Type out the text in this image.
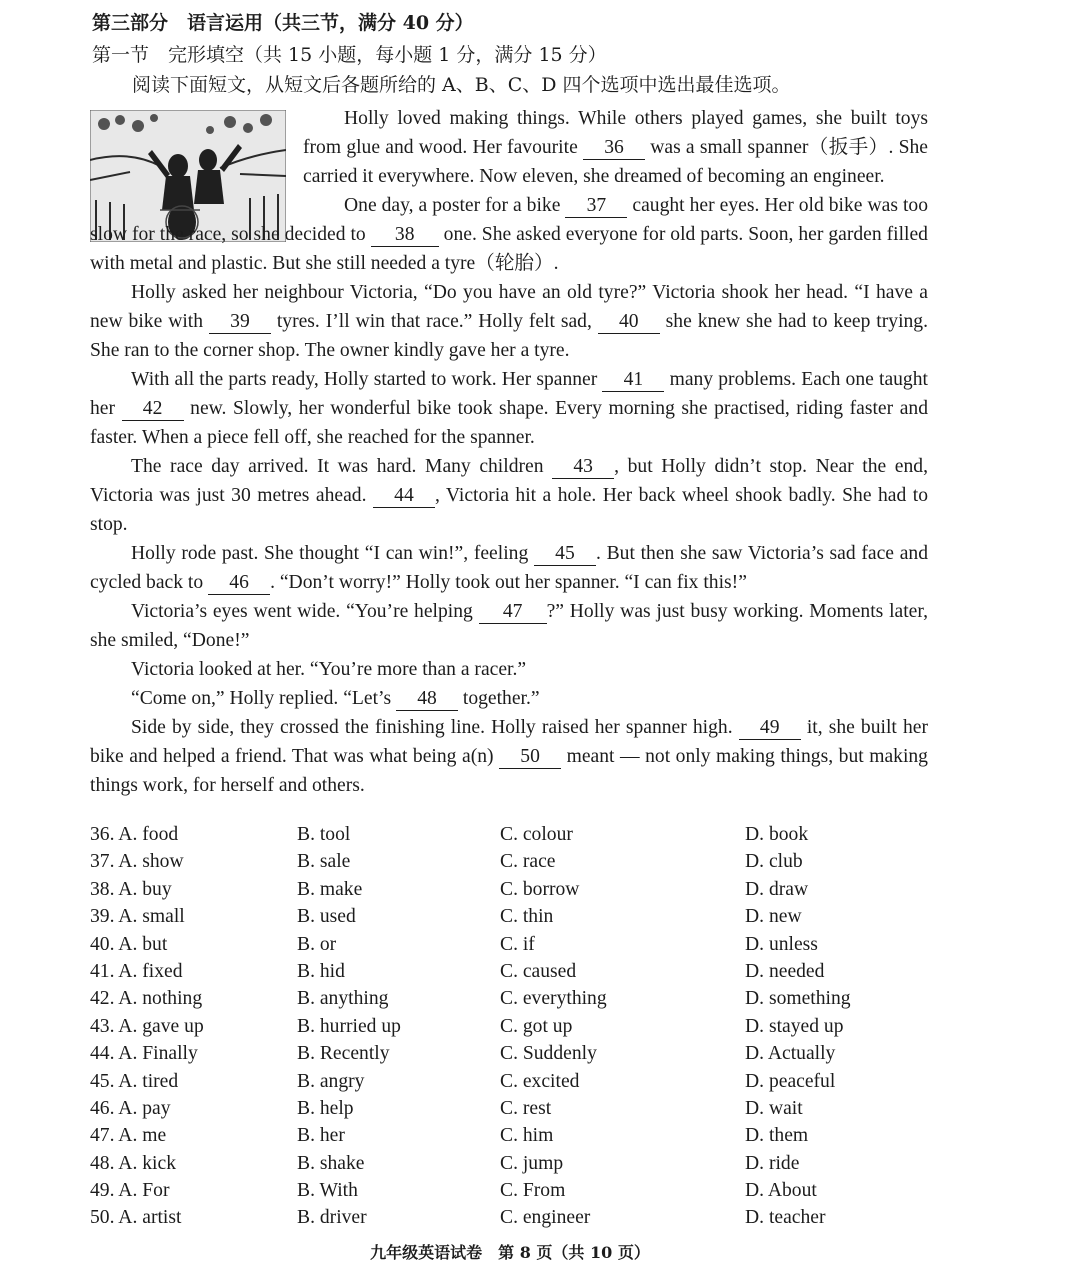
第三部分　语言运用（共三节，满分 40 分）
第一节　完形填空（共 15 小题，每小题 1 分，满分 15 分）
阅读下面短文，从短文后各题所给的 A、B、C、D 四个选项中选出最佳选项。

Holly loved making things. While others played games, she built toys from glue and wood. Her favourite 36 was a small spanner（扳手）. She carried it everywhere. Now eleven, she dreamed of becoming an engineer.

One day, a poster for a bike 37 caught her eyes. Her old bike was too slow for the race, so she decided to 38 one. She asked everyone for old parts. Soon, her garden filled with metal and plastic. But she still needed a tyre（轮胎）.

Holly asked her neighbour Victoria, “Do you have an old tyre?” Victoria shook her head. “I have a new bike with 39 tyres. I’ll win that race.” Holly felt sad, 40 she knew she had to keep trying. She ran to the corner shop. The owner kindly gave her a tyre.

With all the parts ready, Holly started to work. Her spanner 41 many problems. Each one taught her 42 new. Slowly, her wonderful bike took shape. Every morning she practised, riding faster and faster. When a piece fell off, she reached for the spanner.

The race day arrived. It was hard. Many children 43 , but Holly didn’t stop. Near the end, Victoria was just 30 metres ahead. 44 , Victoria hit a hole. Her back wheel shook badly. She had to stop.

Holly rode past. She thought “I can win!”, feeling 45 . But then she saw Victoria’s sad face and cycled back to 46 . “Don’t worry!” Holly took out her spanner. “I can fix this!”

Victoria’s eyes went wide. “You’re helping 47 ?” Holly was just busy working. Moments later, she smiled, “Done!”

Victoria looked at her. “You’re more than a racer.”

“Come on,” Holly replied. “Let’s 48 together.”

Side by side, they crossed the finishing line. Holly raised her spanner high. 49 it, she built her bike and helped a friend. That was what being a(n) 50 meant — not only making things, but making things work, for herself and others.

36. A. food	B. tool	C. colour	D. book
37. A. show	B. sale	C. race	D. club
38. A. buy	B. make	C. borrow	D. draw
39. A. small	B. used	C. thin	D. new
40. A. but	B. or	C. if	D. unless
41. A. fixed	B. hid	C. caused	D. needed
42. A. nothing	B. anything	C. everything	D. something
43. A. gave up	B. hurried up	C. got up	D. stayed up
44. A. Finally	B. Recently	C. Suddenly	D. Actually
45. A. tired	B. angry	C. excited	D. peaceful
46. A. pay	B. help	C. rest	D. wait
47. A. me	B. her	C. him	D. them
48. A. kick	B. shake	C. jump	D. ride
49. A. For	B. With	C. From	D. About
50. A. artist	B. driver	C. engineer	D. teacher
九年级英语试卷　第 8 页（共 10 页）
